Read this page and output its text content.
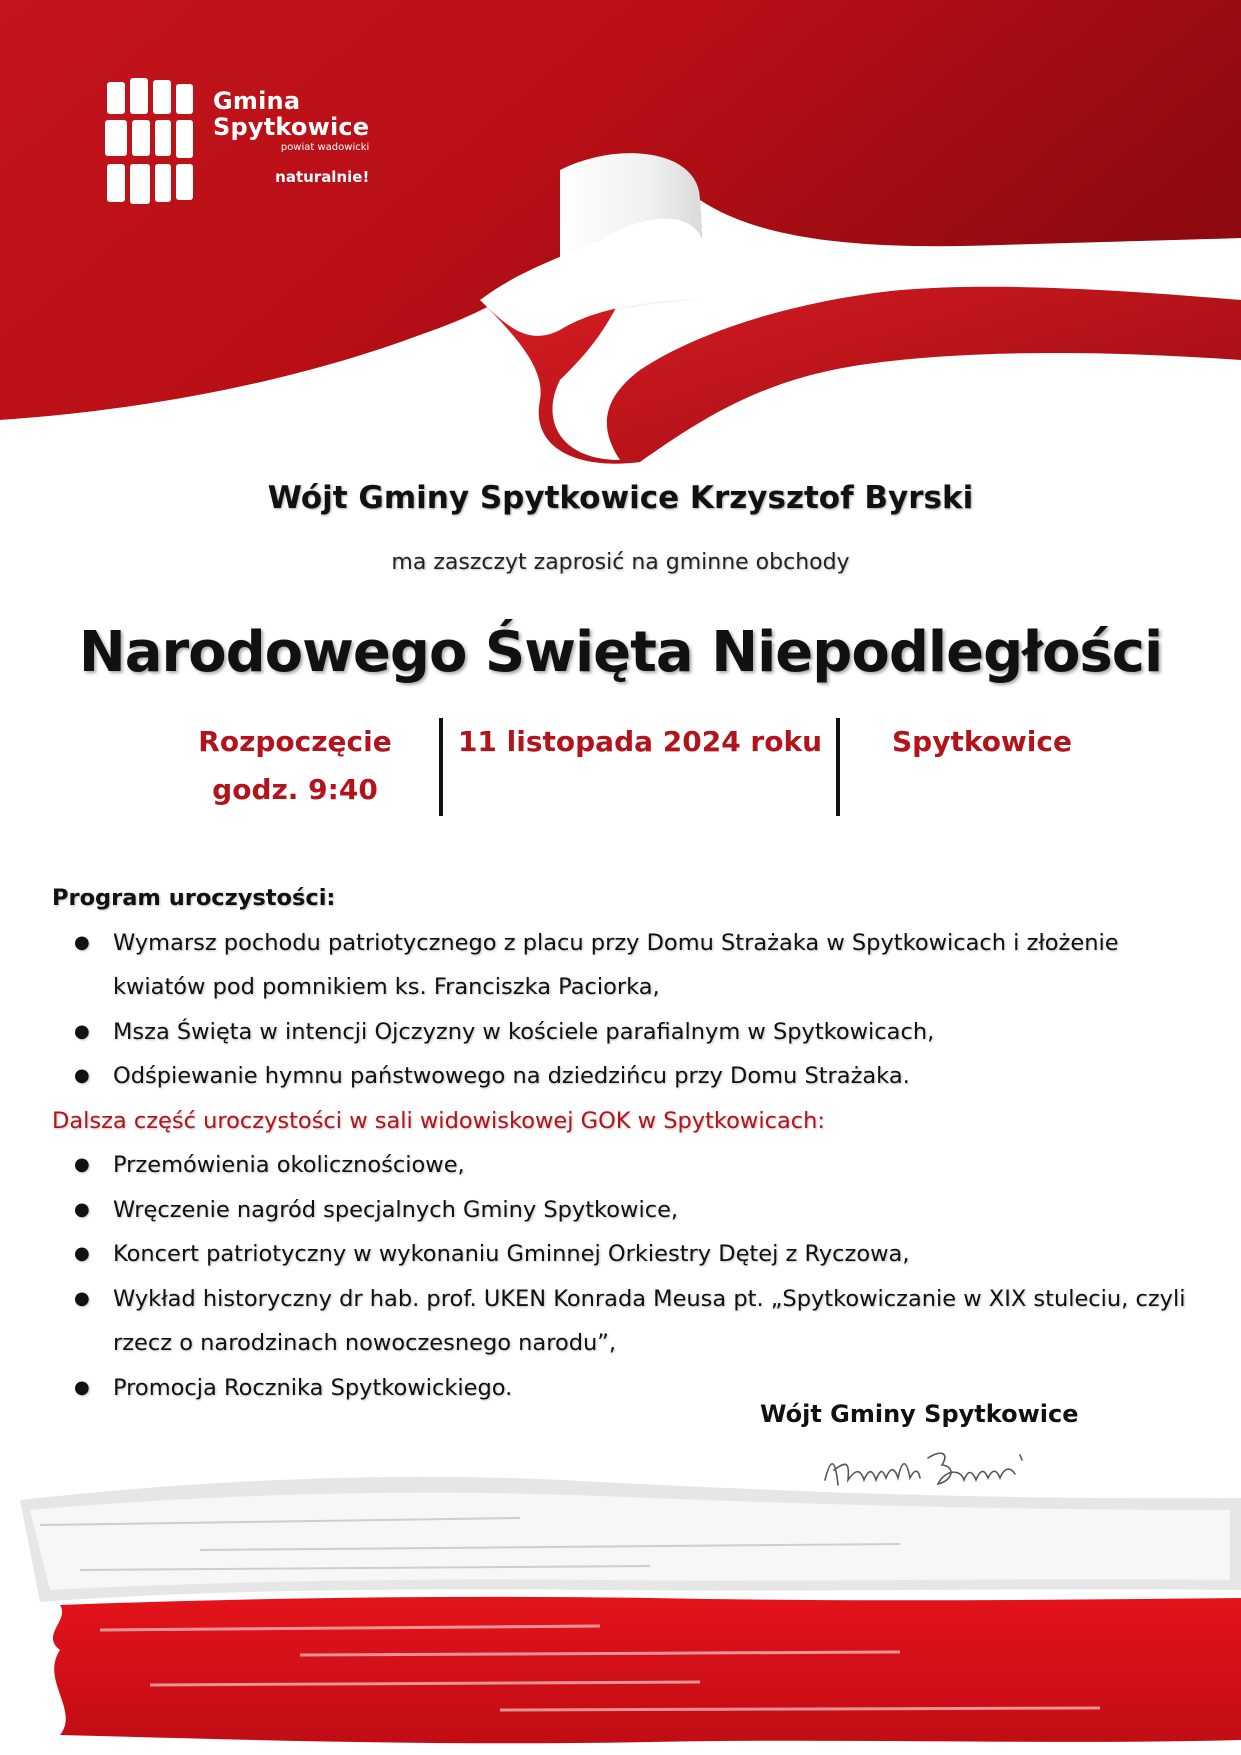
Gmina
Spytkowice
powiat wadowicki
naturalnie!
Wójt Gminy Spytkowice Krzysztof Byrski
ma zaszczyt zaprosić na gminne obchody
Narodowego Święta Niepodległości
Rozpoczęcie
godz. 9:40
11 listopada 2024 roku	Spytkowice
Program uroczystości:
● Wymarsz pochodu patriotycznego z placu przy Domu Strażaka w Spytkowicach i złożenie kwiatów pod pomnikiem ks. Franciszka Paciorka,
● Msza Święta w intencji Ojczyzny w kościele parafialnym w Spytkowicach,
● Odśpiewanie hymnu państwowego na dziedzińcu przy Domu Strażaka.
Dalsza część uroczystości w sali widowiskowej GOK w Spytkowicach:
● Przemówienia okolicznościowe,
● Wręczenie nagród specjalnych Gminy Spytkowice,
● Koncert patriotyczny w wykonaniu Gminnej Orkiestry Dętej z Ryczowa,
● Wykład historyczny dr hab. prof. UKEN Konrada Meusa pt. „Spytkowiczanie w XIX stuleciu, czyli rzecz o narodzinach nowoczesnego narodu”,
● Promocja Rocznika Spytkowickiego.
Wójt Gminy Spytkowice
